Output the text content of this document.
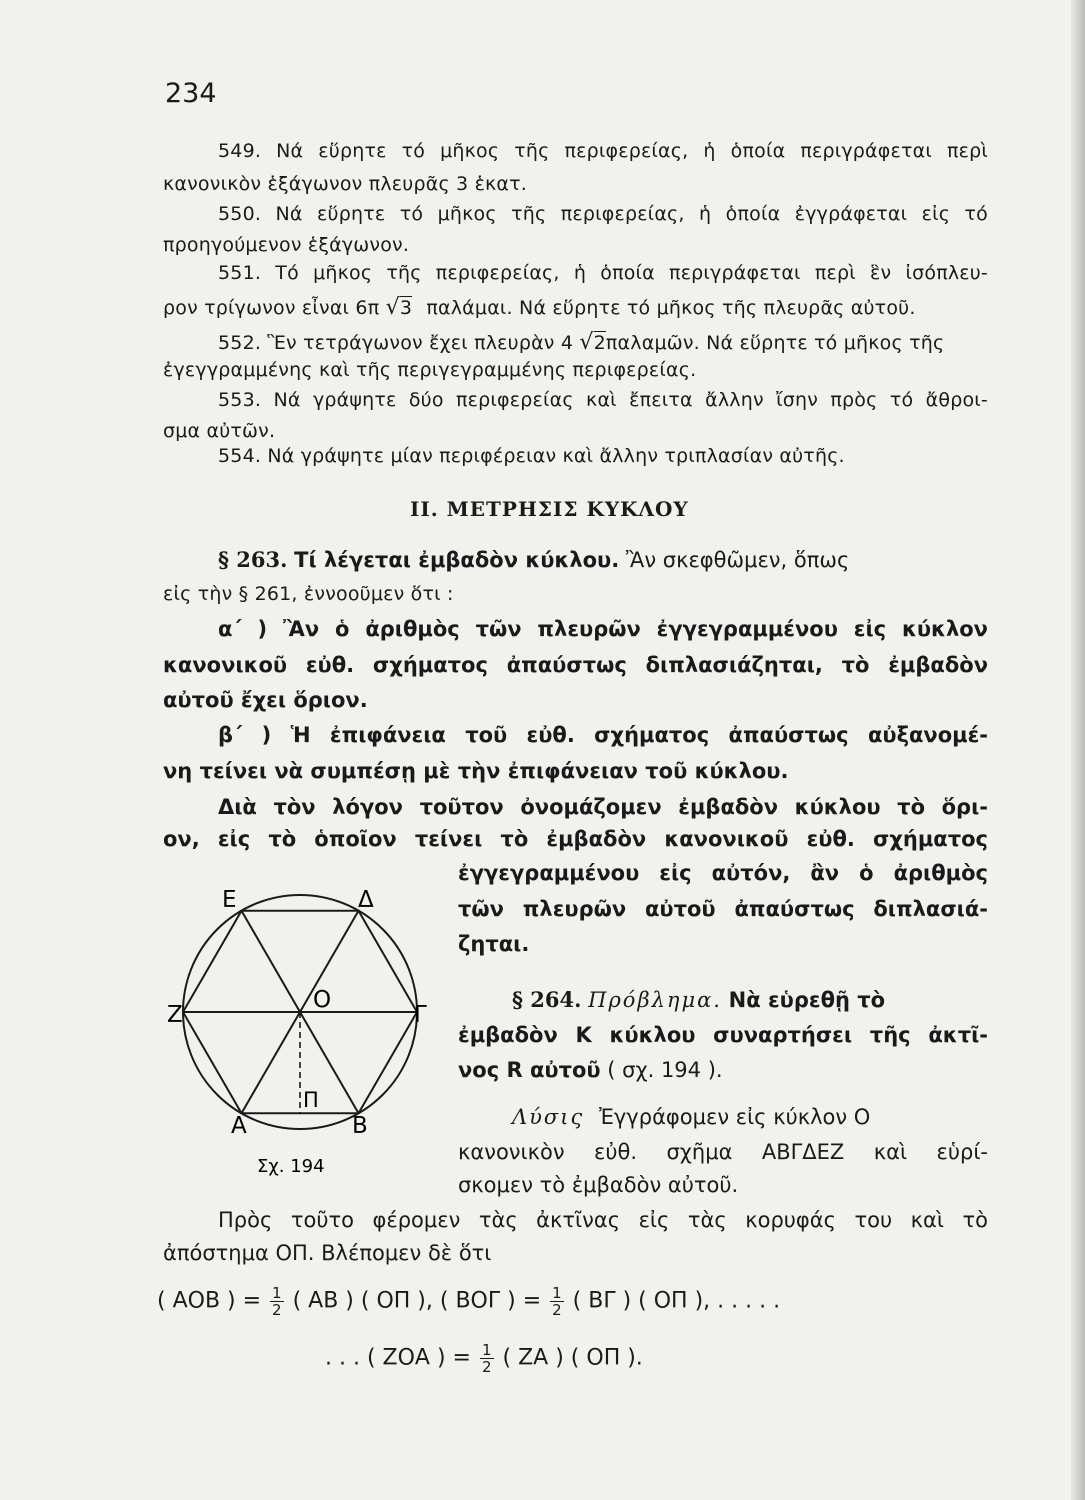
234
549. Νά εὕρητε τό μῆκος τῆς περιφερείας, ἡ ὁποία περιγράφεται περὶ
κανονικὸν ἑξάγωνον πλευρᾶς 3 ἑκατ.
550. Νά εὕρητε τό μῆκος τῆς περιφερείας, ἡ ὁποία ἐγγράφεται εἰς τό
προηγούμενον ἑξάγωνον.
551. Τό μῆκος τῆς περιφερείας, ἡ ὁποία περιγράφεται περὶ ἓν ἰσόπλευ-
ρον τρίγωνον εἶναι 6π √3 παλάμαι. Νά εὕρητε τό μῆκος τῆς πλευρᾶς αὐτοῦ.
552. Ἓν τετράγωνον ἔχει πλευρὰν 4 √2παλαμῶν. Νά εὕρητε τό μῆκος τῆς
ἐγεγγραμμένης καὶ τῆς περιγεγραμμένης περιφερείας.
553. Νά γράψητε δύο περιφερείας καὶ ἔπειτα ἄλλην ἴσην πρὸς τό ἄθροι-
σμα αὐτῶν.
554. Νά γράψητε μίαν περιφέρειαν καὶ ἄλλην τριπλασίαν αὐτῆς.
ΙΙ. ΜΕΤΡΗΣΙΣ ΚΥΚΛΟΥ
§ 263. Τί λέγεται ἐμβαδὸν κύκλου. Ἂν σκεφθῶμεν, ὅπως
εἰς τὴν § 261, ἐννοοῦμεν ὅτι :
α΄ ) Ἂν ὁ ἀριθμὸς τῶν πλευρῶν ἐγγεγραμμένου εἰς κύκλον
κανονικοῦ εὐθ. σχήματος ἀπαύστως διπλασιάζηται, τὸ ἐμβαδὸν
αὐτοῦ ἔχει ὅριον.
β΄ ) Ἡ ἐπιφάνεια τοῦ εὐθ. σχήματος ἀπαύστως αὐξανομέ-
νη τείνει νὰ συμπέσῃ μὲ τὴν ἐπιφάνειαν τοῦ κύκλου.
Διὰ τὸν λόγον τοῦτον ὀνομάζομεν ἐμβαδὸν κύκλου τὸ ὅρι-
ον, εἰς τὸ ὁποῖον τείνει τὸ ἐμβαδὸν κανονικοῦ εὐθ. σχήματος
ἐγγεγραμμένου εἰς αὐτόν, ἂν ὁ ἀριθμὸς
τῶν πλευρῶν αὐτοῦ ἀπαύστως διπλασιά-
ζηται.
Ε	Δ
Ζ
Ο
Γ
Α	Β
Π
Σχ. 194
§ 264. Πρόβλημα. Νὰ εὑρεθῇ τὸ
ἐμβαδὸν Κ κύκλου συναρτήσει τῆς ἀκτῖ-
νος R αὐτοῦ ( σχ. 194 ).
Λύσις Ἐγγράφομεν εἰς κύκλον Ο
κανονικὸν εὐθ. σχῆμα ΑΒΓΔΕΖ καὶ εὑρί-
σκομεν τὸ ἐμβαδὸν αὐτοῦ.
Πρὸς τοῦτο φέρομεν τὰς ἀκτῖνας εἰς τὰς κορυφάς του καὶ τὸ
ἀπόστημα ΟΠ. Βλέπομεν δὲ ὅτι
( ΑΟΒ ) = $\frac{1}{2}$ ( ΑΒ ) ( ΟΠ ), ( ΒΟΓ ) = $\frac{1}{2}$ ( ΒΓ ) ( ΟΠ ), . . . . .
. . . ( ΖΟΑ ) = $\frac{1}{2}$ ( ΖΑ ) ( ΟΠ ).
